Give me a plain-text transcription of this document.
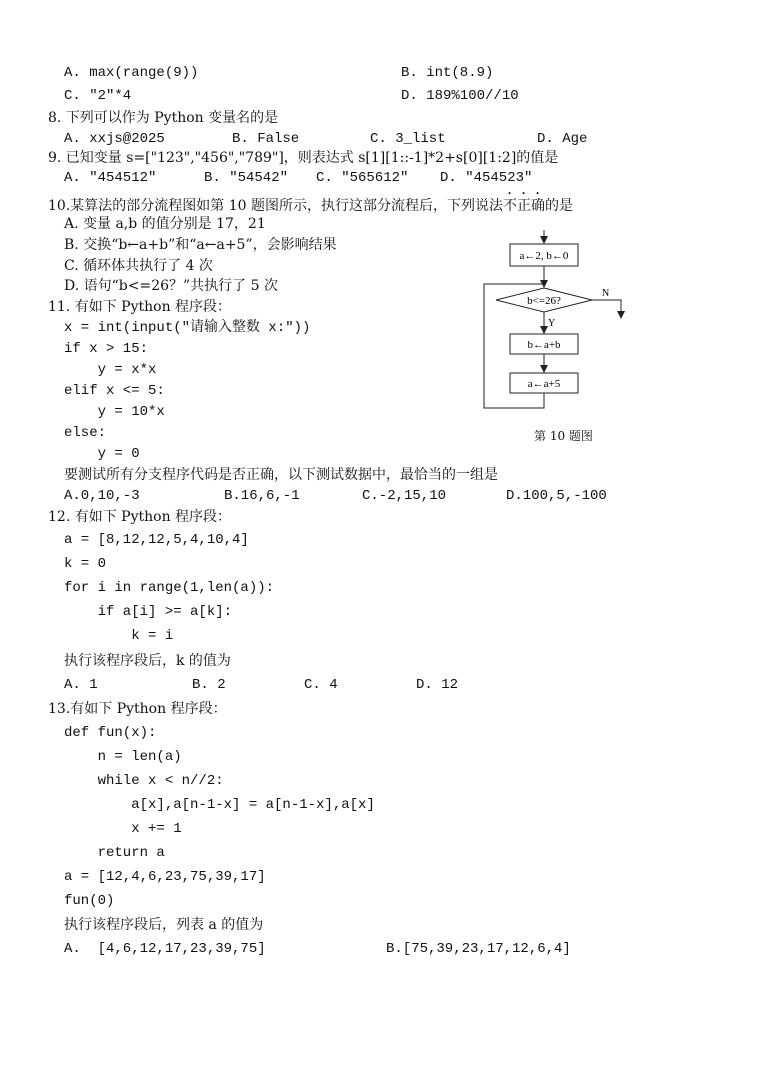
A. max(range(9))	B. int(8.9)
C. "2"*4	D. 189%100//10
8. 下列可以作为 Python 变量名的是
A. xxjs@2025	B. False	C. 3_list	D. Age
9. 已知变量 s=["123","456","789"]，则表达式 s[1][1::-1]*2+s[0][1:2]的值是
A. "454512"	B. "54542" C. "565612" D. "454523"
10.某算法的部分流程图如第 10 题图所示，执行这部分流程后，下列说法不正确的是
A. 变量 a,b 的值分别是 17，21
B. 交换“b←a+b”和“a←a+5”，会影响结果
C. 循环体共执行了 4 次
D. 语句“b<=26？”共执行了 5 次
a←2, b←0
b<=26?
N
Y
b←a+b
a←a+5
第 10 题图
11. 有如下 Python 程序段：
x = int(input("请输入整数 x:"))
if x > 15:
y = x*x
elif x <= 5:
y = 10*x
else:
y = 0
要测试所有分支程序代码是否正确，以下测试数据中，最恰当的一组是
A.0,10,-3	B.16,6,-1	C.-2,15,10	D.100,5,-100
12. 有如下 Python 程序段：
a = [8,12,12,5,4,10,4]
k = 0
for i in range(1,len(a)):
if a[i] >= a[k]:
k = i
执行该程序段后，k 的值为
A. 1	B. 2	C. 4	D. 12
13.有如下 Python 程序段：
def fun(x):
n = len(a)
while x < n//2:
a[x],a[n-1-x] = a[n-1-x],a[x]
x += 1
return a
a = [12,4,6,23,75,39,17]
fun(0)
执行该程序段后，列表 a 的值为
A.  [4,6,12,17,23,39,75]	B.[75,39,23,17,12,6,4]
